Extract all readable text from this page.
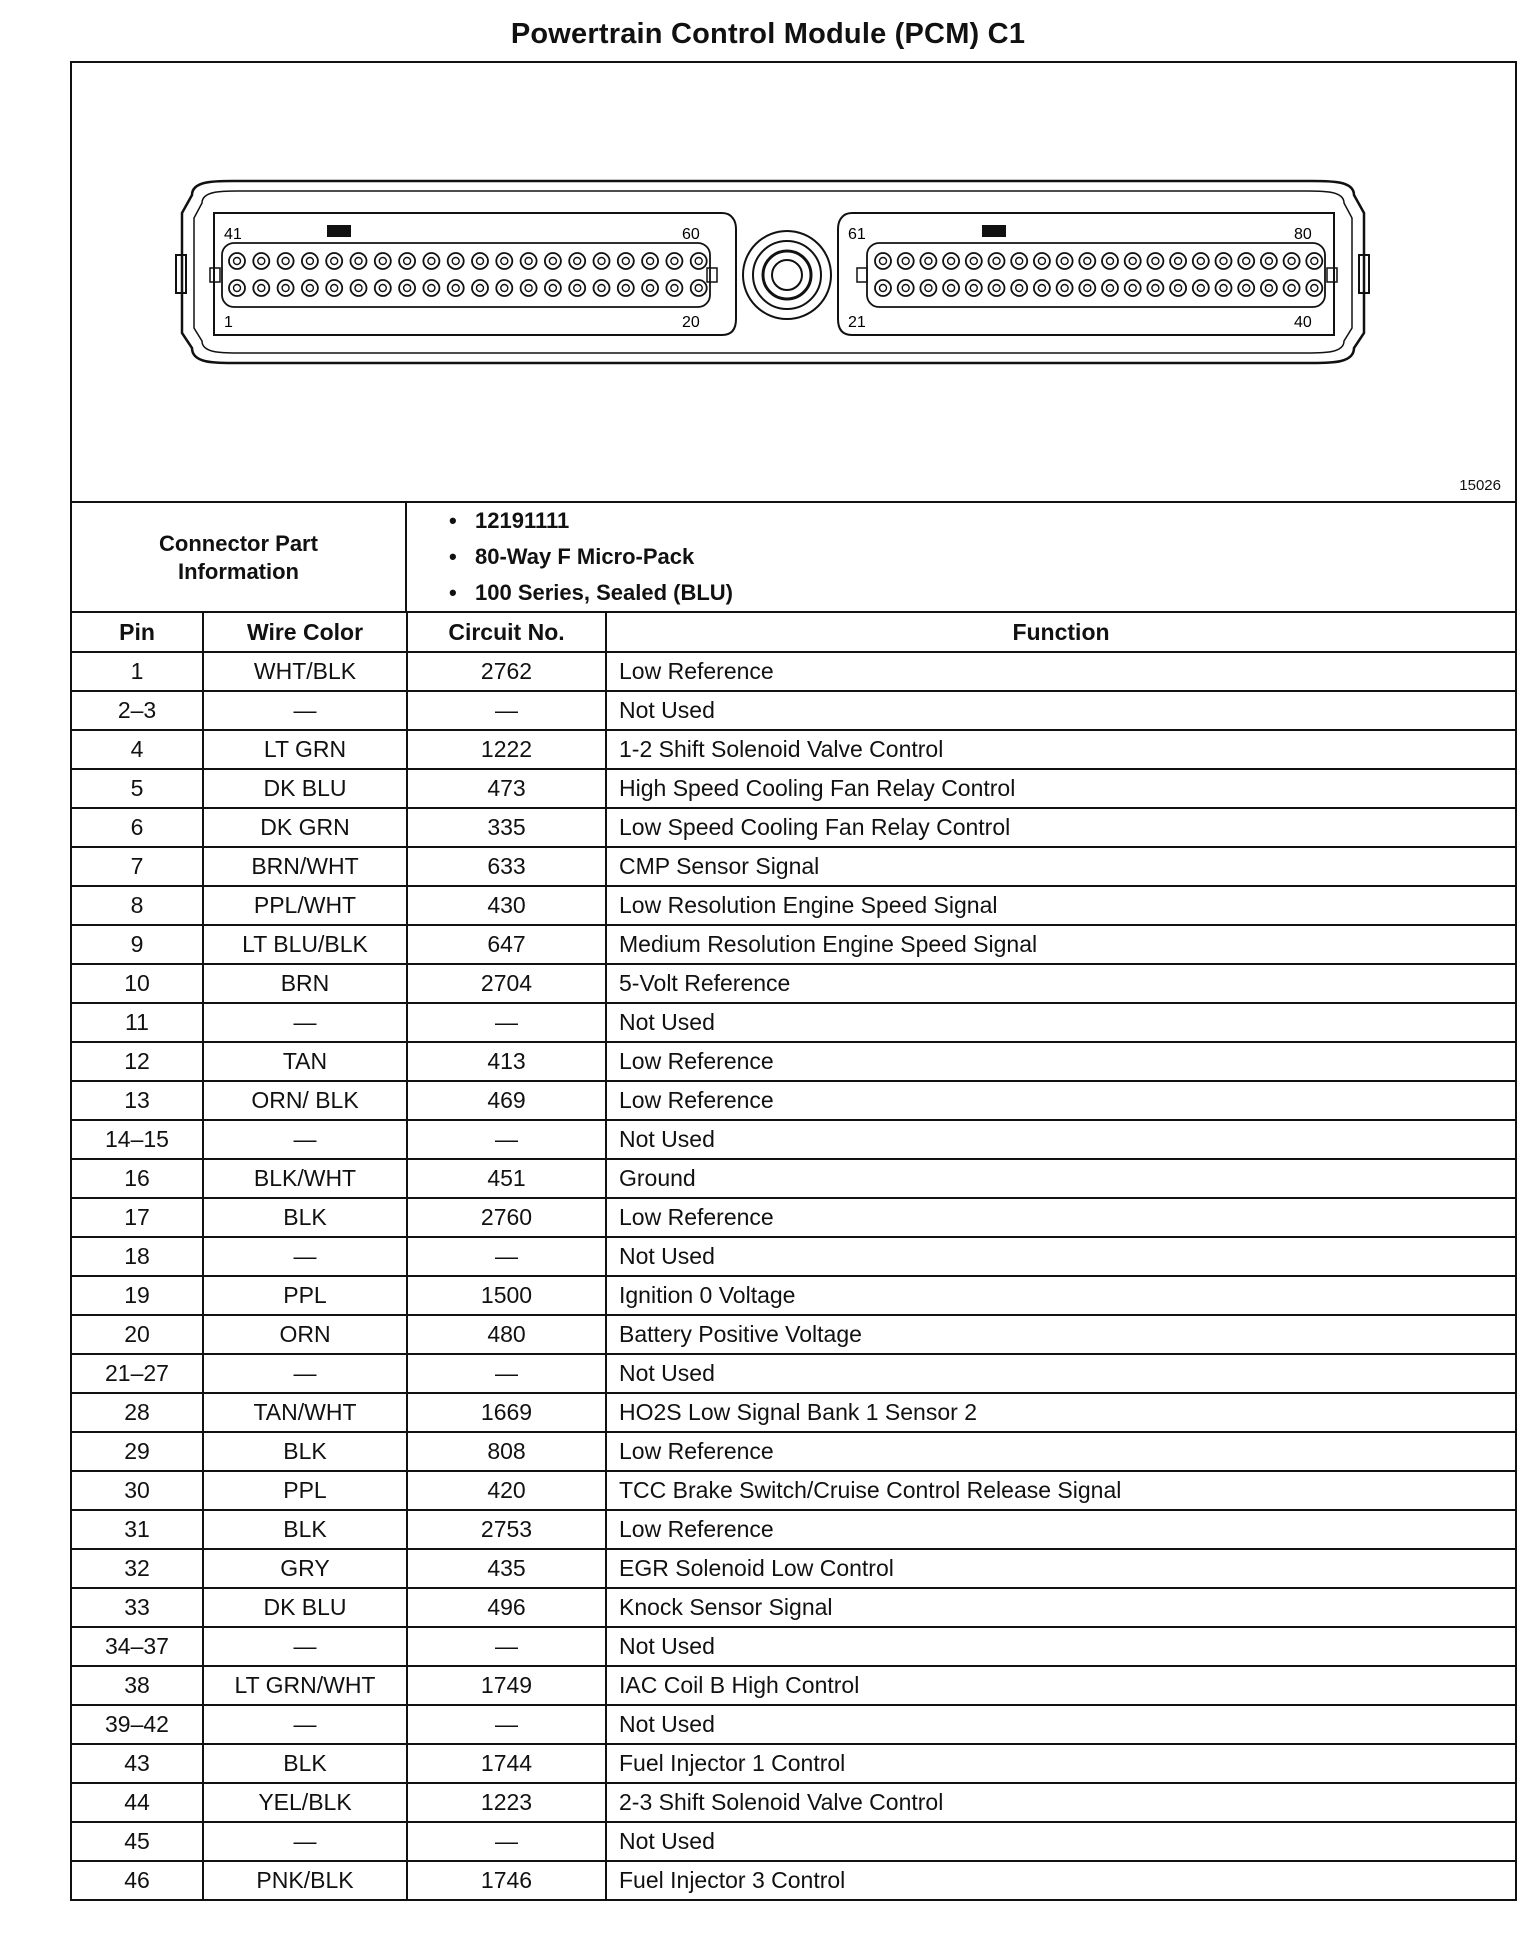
Powertrain Control Module (PCM) C1
41	60
1	20
61	80
21	40
15026
Connector Part Information
• 12191111
• 80-Way F Micro-Pack
• 100 Series, Sealed (BLU)
Pin	Wire Color	Circuit No.	Function
1	WHT/BLK	2762	Low Reference
2–3	—	—	Not Used
4	LT GRN	1222	1-2 Shift Solenoid Valve Control
5	DK BLU	473	High Speed Cooling Fan Relay Control
6	DK GRN	335	Low Speed Cooling Fan Relay Control
7	BRN/WHT	633	CMP Sensor Signal
8	PPL/WHT	430	Low Resolution Engine Speed Signal
9	LT BLU/BLK	647	Medium Resolution Engine Speed Signal
10	BRN	2704	5-Volt Reference
11	—	—	Not Used
12	TAN	413	Low Reference
13	ORN/ BLK	469	Low Reference
14–15	—	—	Not Used
16	BLK/WHT	451	Ground
17	BLK	2760	Low Reference
18	—	—	Not Used
19	PPL	1500	Ignition 0 Voltage
20	ORN	480	Battery Positive Voltage
21–27	—	—	Not Used
28	TAN/WHT	1669	HO2S Low Signal Bank 1 Sensor 2
29	BLK	808	Low Reference
30	PPL	420	TCC Brake Switch/Cruise Control Release Signal
31	BLK	2753	Low Reference
32	GRY	435	EGR Solenoid Low Control
33	DK BLU	496	Knock Sensor Signal
34–37	—	—	Not Used
38	LT GRN/WHT	1749	IAC Coil B High Control
39–42	—	—	Not Used
43	BLK	1744	Fuel Injector 1 Control
44	YEL/BLK	1223	2-3 Shift Solenoid Valve Control
45	—	—	Not Used
46	PNK/BLK	1746	Fuel Injector 3 Control
